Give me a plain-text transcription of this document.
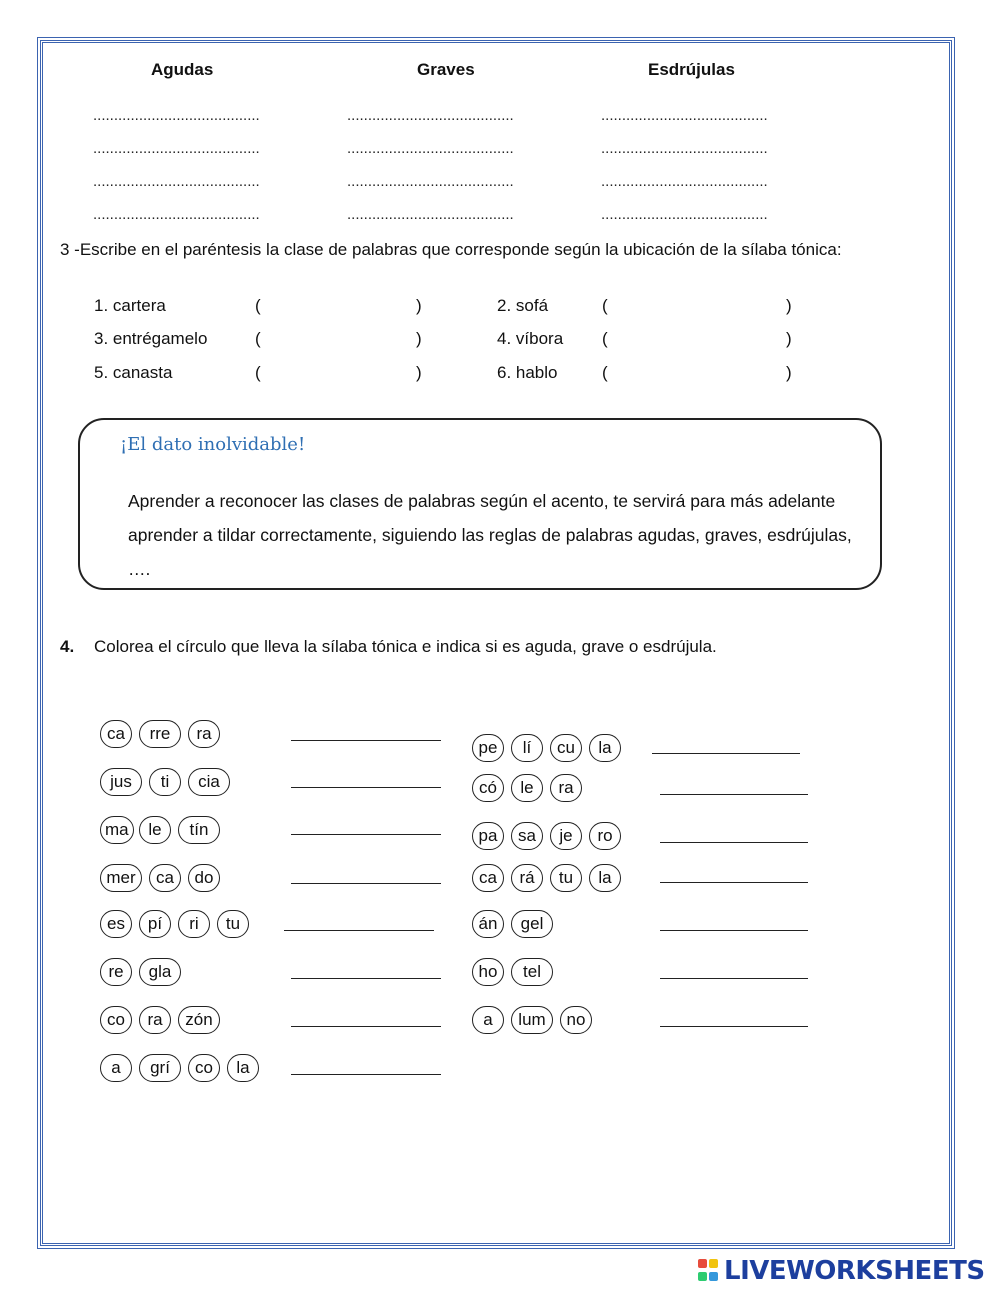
Agudas	Graves	Esdrújulas
........................................	........................................	........................................
........................................	........................................	........................................
........................................	........................................	........................................
........................................	........................................	........................................
3 -Escribe en el paréntesis la clase de palabras que corresponde según la ubicación de la sílaba tónica:
1. cartera	(	)	2. sofá	(	)
3. entrégamelo	(	)	4. víbora (	)
5. canasta	(	)	6. hablo	(	)
¡El dato inolvidable!
Aprender a reconocer las clases de palabras según el acento, te servirá para más adelante aprender a tildar correctamente, siguiendo las reglas de palabras agudas, graves, esdrújulas, ….
4. Colorea el círculo que lleva la sílaba tónica e indica si es aguda, grave o esdrújula.
ca	rre	ra
jus	ti	cia
ma	le	tín
mer	ca	do
es	pí	ri	tu
re	gla
co	ra	zón
a	grí	co	la
pe	lí	cu	la
có	le	ra
pa	sa	je	ro
ca	rá	tu	la
án	gel
ho	tel
a	lum	no
LIVEWORKSHEETS
